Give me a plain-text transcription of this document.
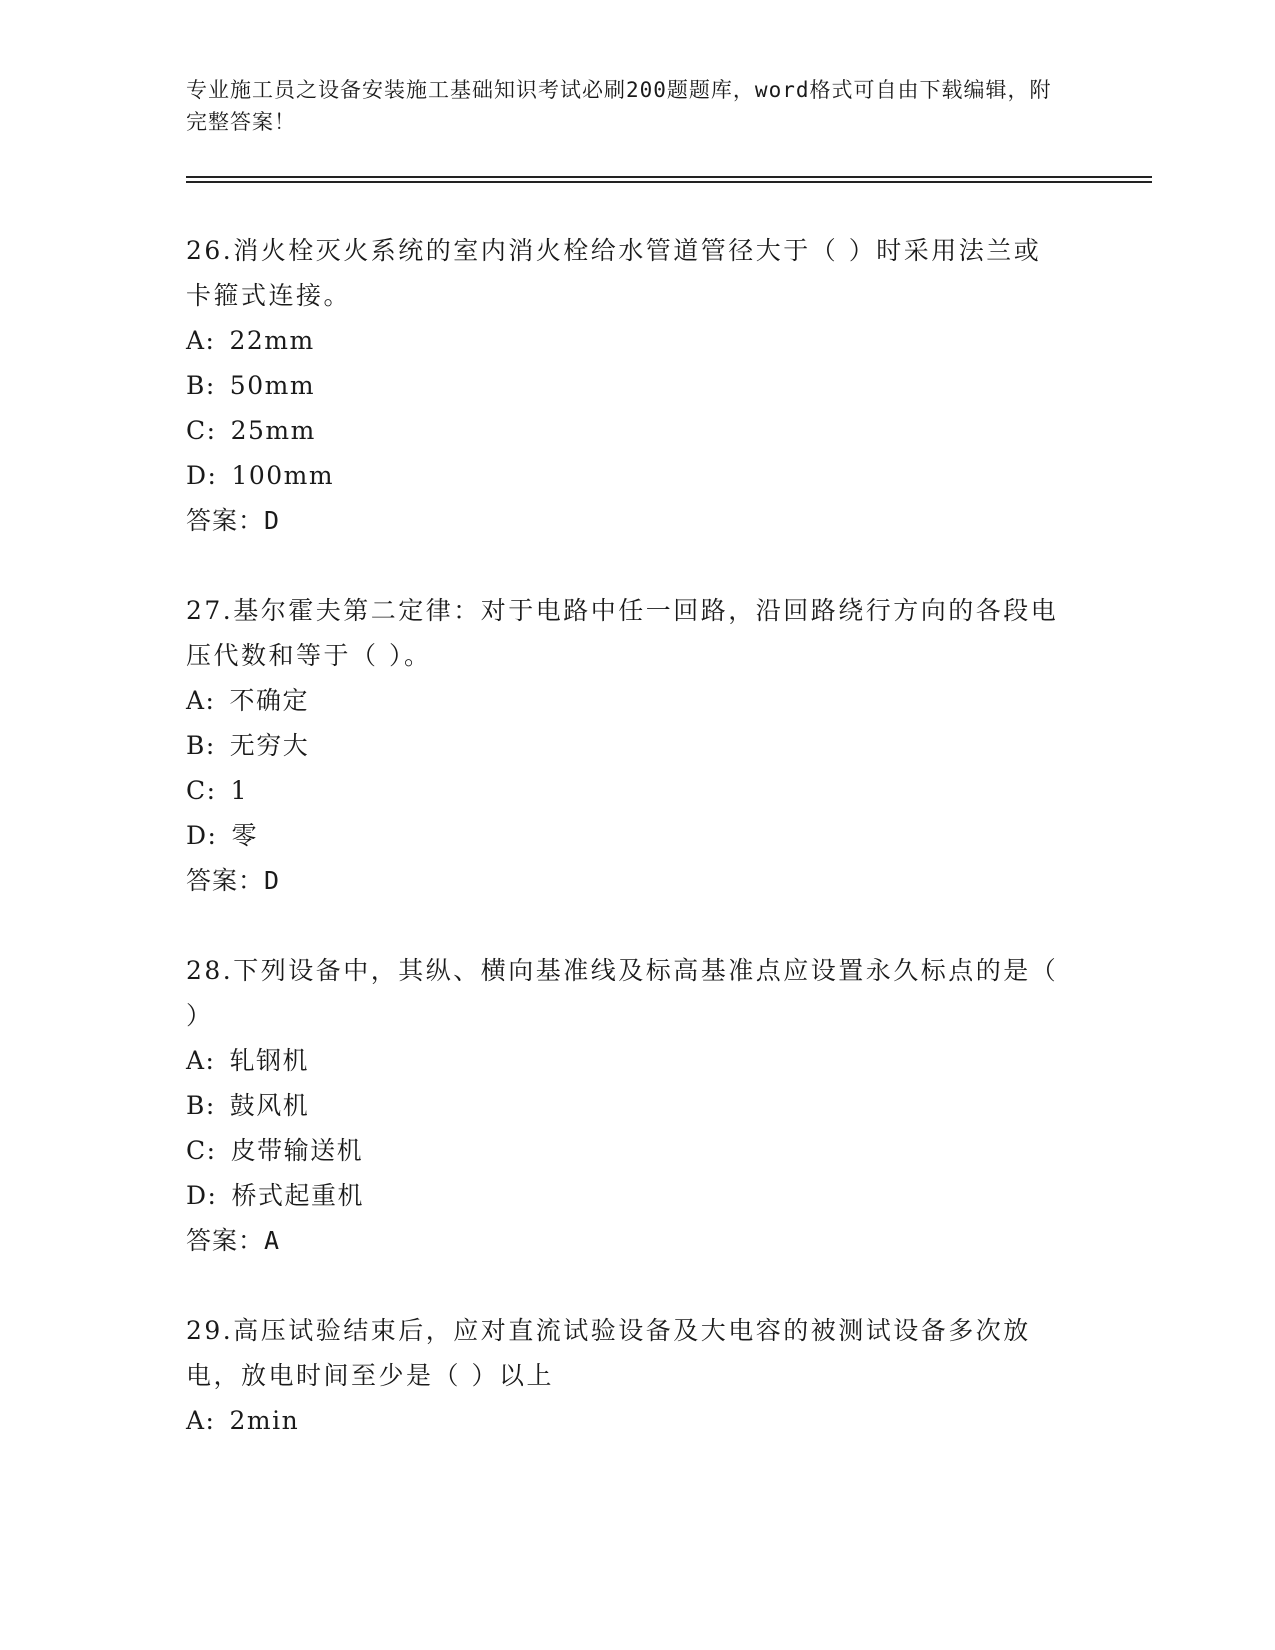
专业施工员之设备安装施工基础知识考试必刷200题题库，word格式可自由下载编辑，附完整答案！

26.消火栓灭火系统的室内消火栓给水管道管径大于（ ）时采用法兰或卡箍式连接。

A: 22mm

B: 50mm

C: 25mm

D: 100mm

答案：D

27.基尔霍夫第二定律：对于电路中任一回路，沿回路绕行方向的各段电压代数和等于（ ）。

A: 不确定

B: 无穷大

C: 1

D: 零

答案：D

28.下列设备中，其纵、横向基准线及标高基准点应设置永久标点的是（ ）

A: 轧钢机

B: 鼓风机

C: 皮带输送机

D: 桥式起重机

答案：A

29.高压试验结束后，应对直流试验设备及大电容的被测试设备多次放电，放电时间至少是（ ）以上

A: 2min
